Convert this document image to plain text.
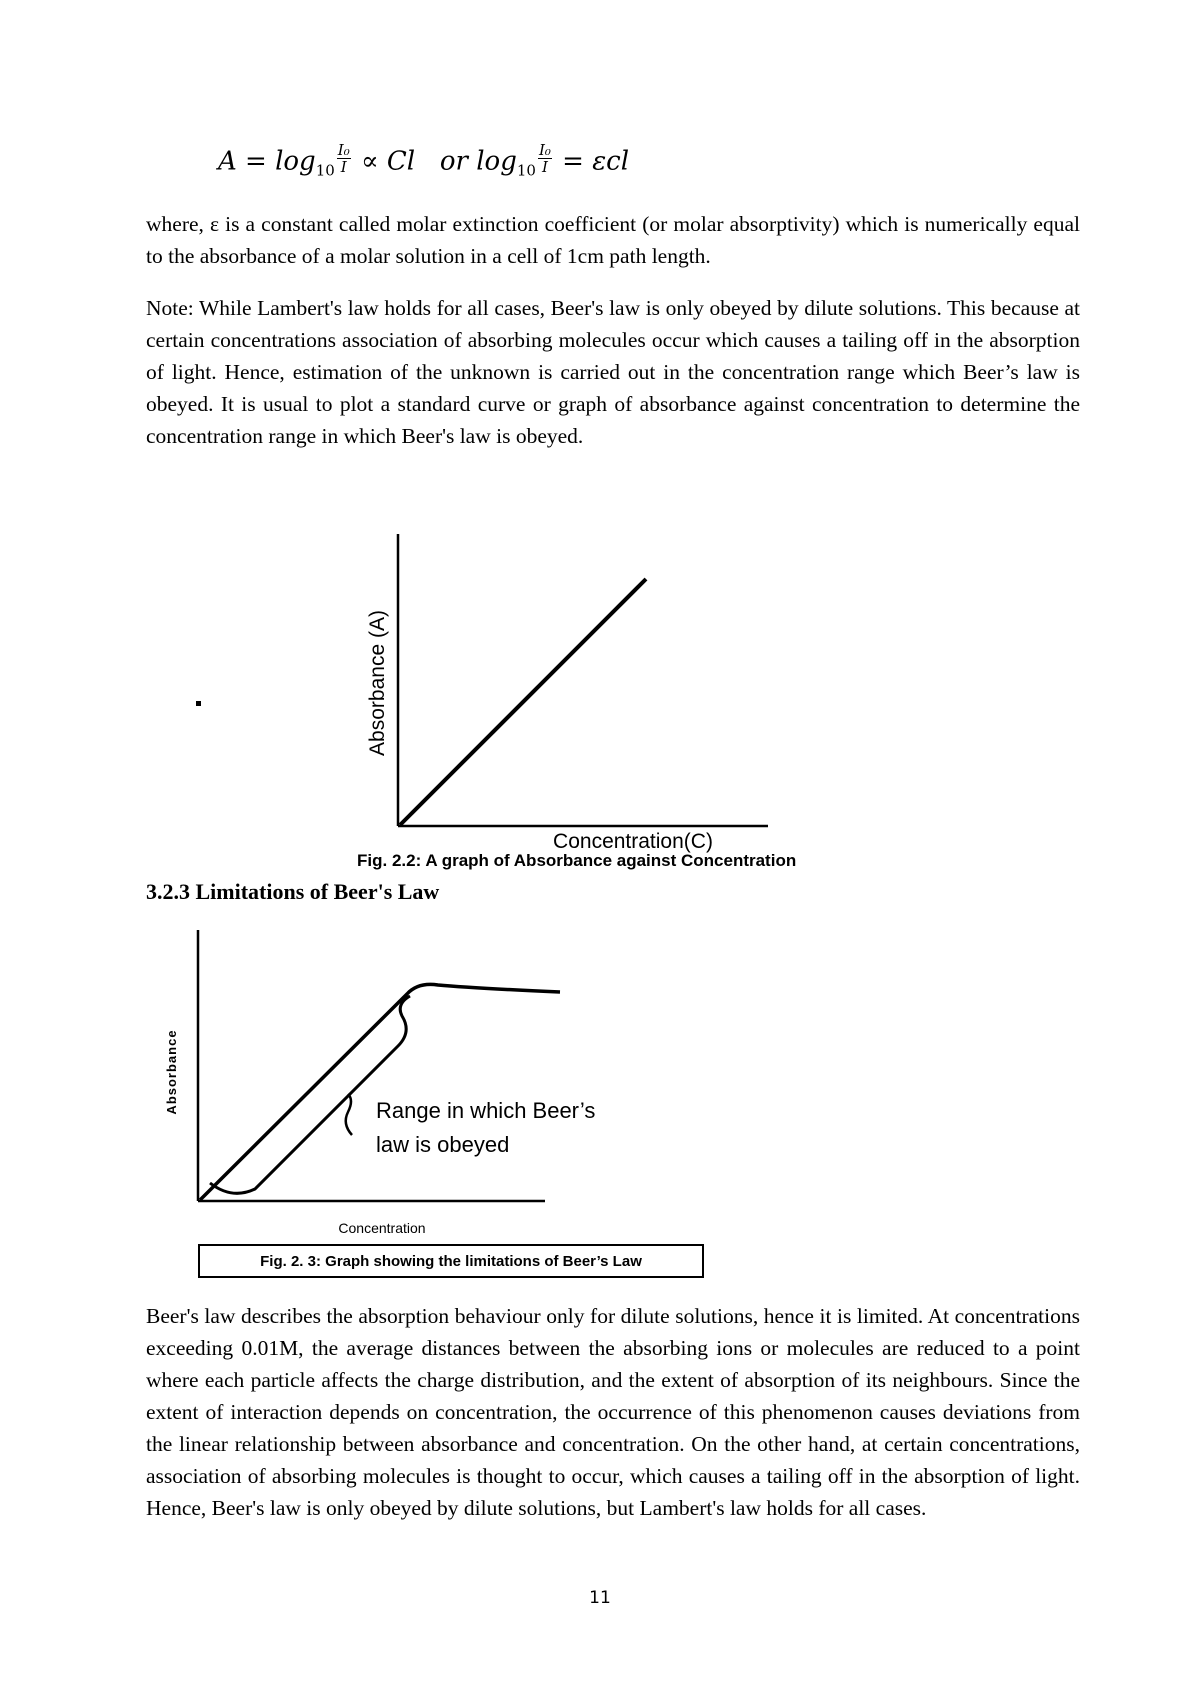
$A = \log_{10} \frac{\text{I₀}}{I} \propto Cl$ or $\log_{10} \frac{\text{I₀}}{I} = \varepsilon cl$
where, ε is a constant called molar extinction coefficient (or molar absorptivity) which is numerically equal to the absorbance of a molar solution in a cell of 1cm path length.
Note: While Lambert's law holds for all cases, Beer's law is only obeyed by dilute solutions. This because at certain concentrations association of absorbing molecules occur which causes a tailing off in the absorption of light. Hence, estimation of the unknown is carried out in the concentration range which Beer’s law is obeyed. It is usual to plot a standard curve or graph of absorbance against concentration to determine the concentration range in which Beer's law is obeyed.
Absorbance (A)
Concentration(C)
Absorbance
Concentration
Range in which Beer’s
law is obeyed
Fig. 2.2: A graph of Absorbance against Concentration
3.2.3 Limitations of Beer's Law
Fig. 2. 3: Graph showing the limitations of Beer’s Law
Beer's law describes the absorption behaviour only for dilute solutions, hence it is limited. At concentrations exceeding 0.01M, the average distances between the absorbing ions or molecules are reduced to a point where each particle affects the charge distribution, and the extent of absorption of its neighbours. Since the extent of interaction depends on concentration, the occurrence of this phenomenon causes deviations from the linear relationship between absorbance and concentration. On the other hand, at certain concentrations, association of absorbing molecules is thought to occur, which causes a tailing off in the absorption of light. Hence, Beer's law is only obeyed by dilute solutions, but Lambert's law holds for all cases.
11
